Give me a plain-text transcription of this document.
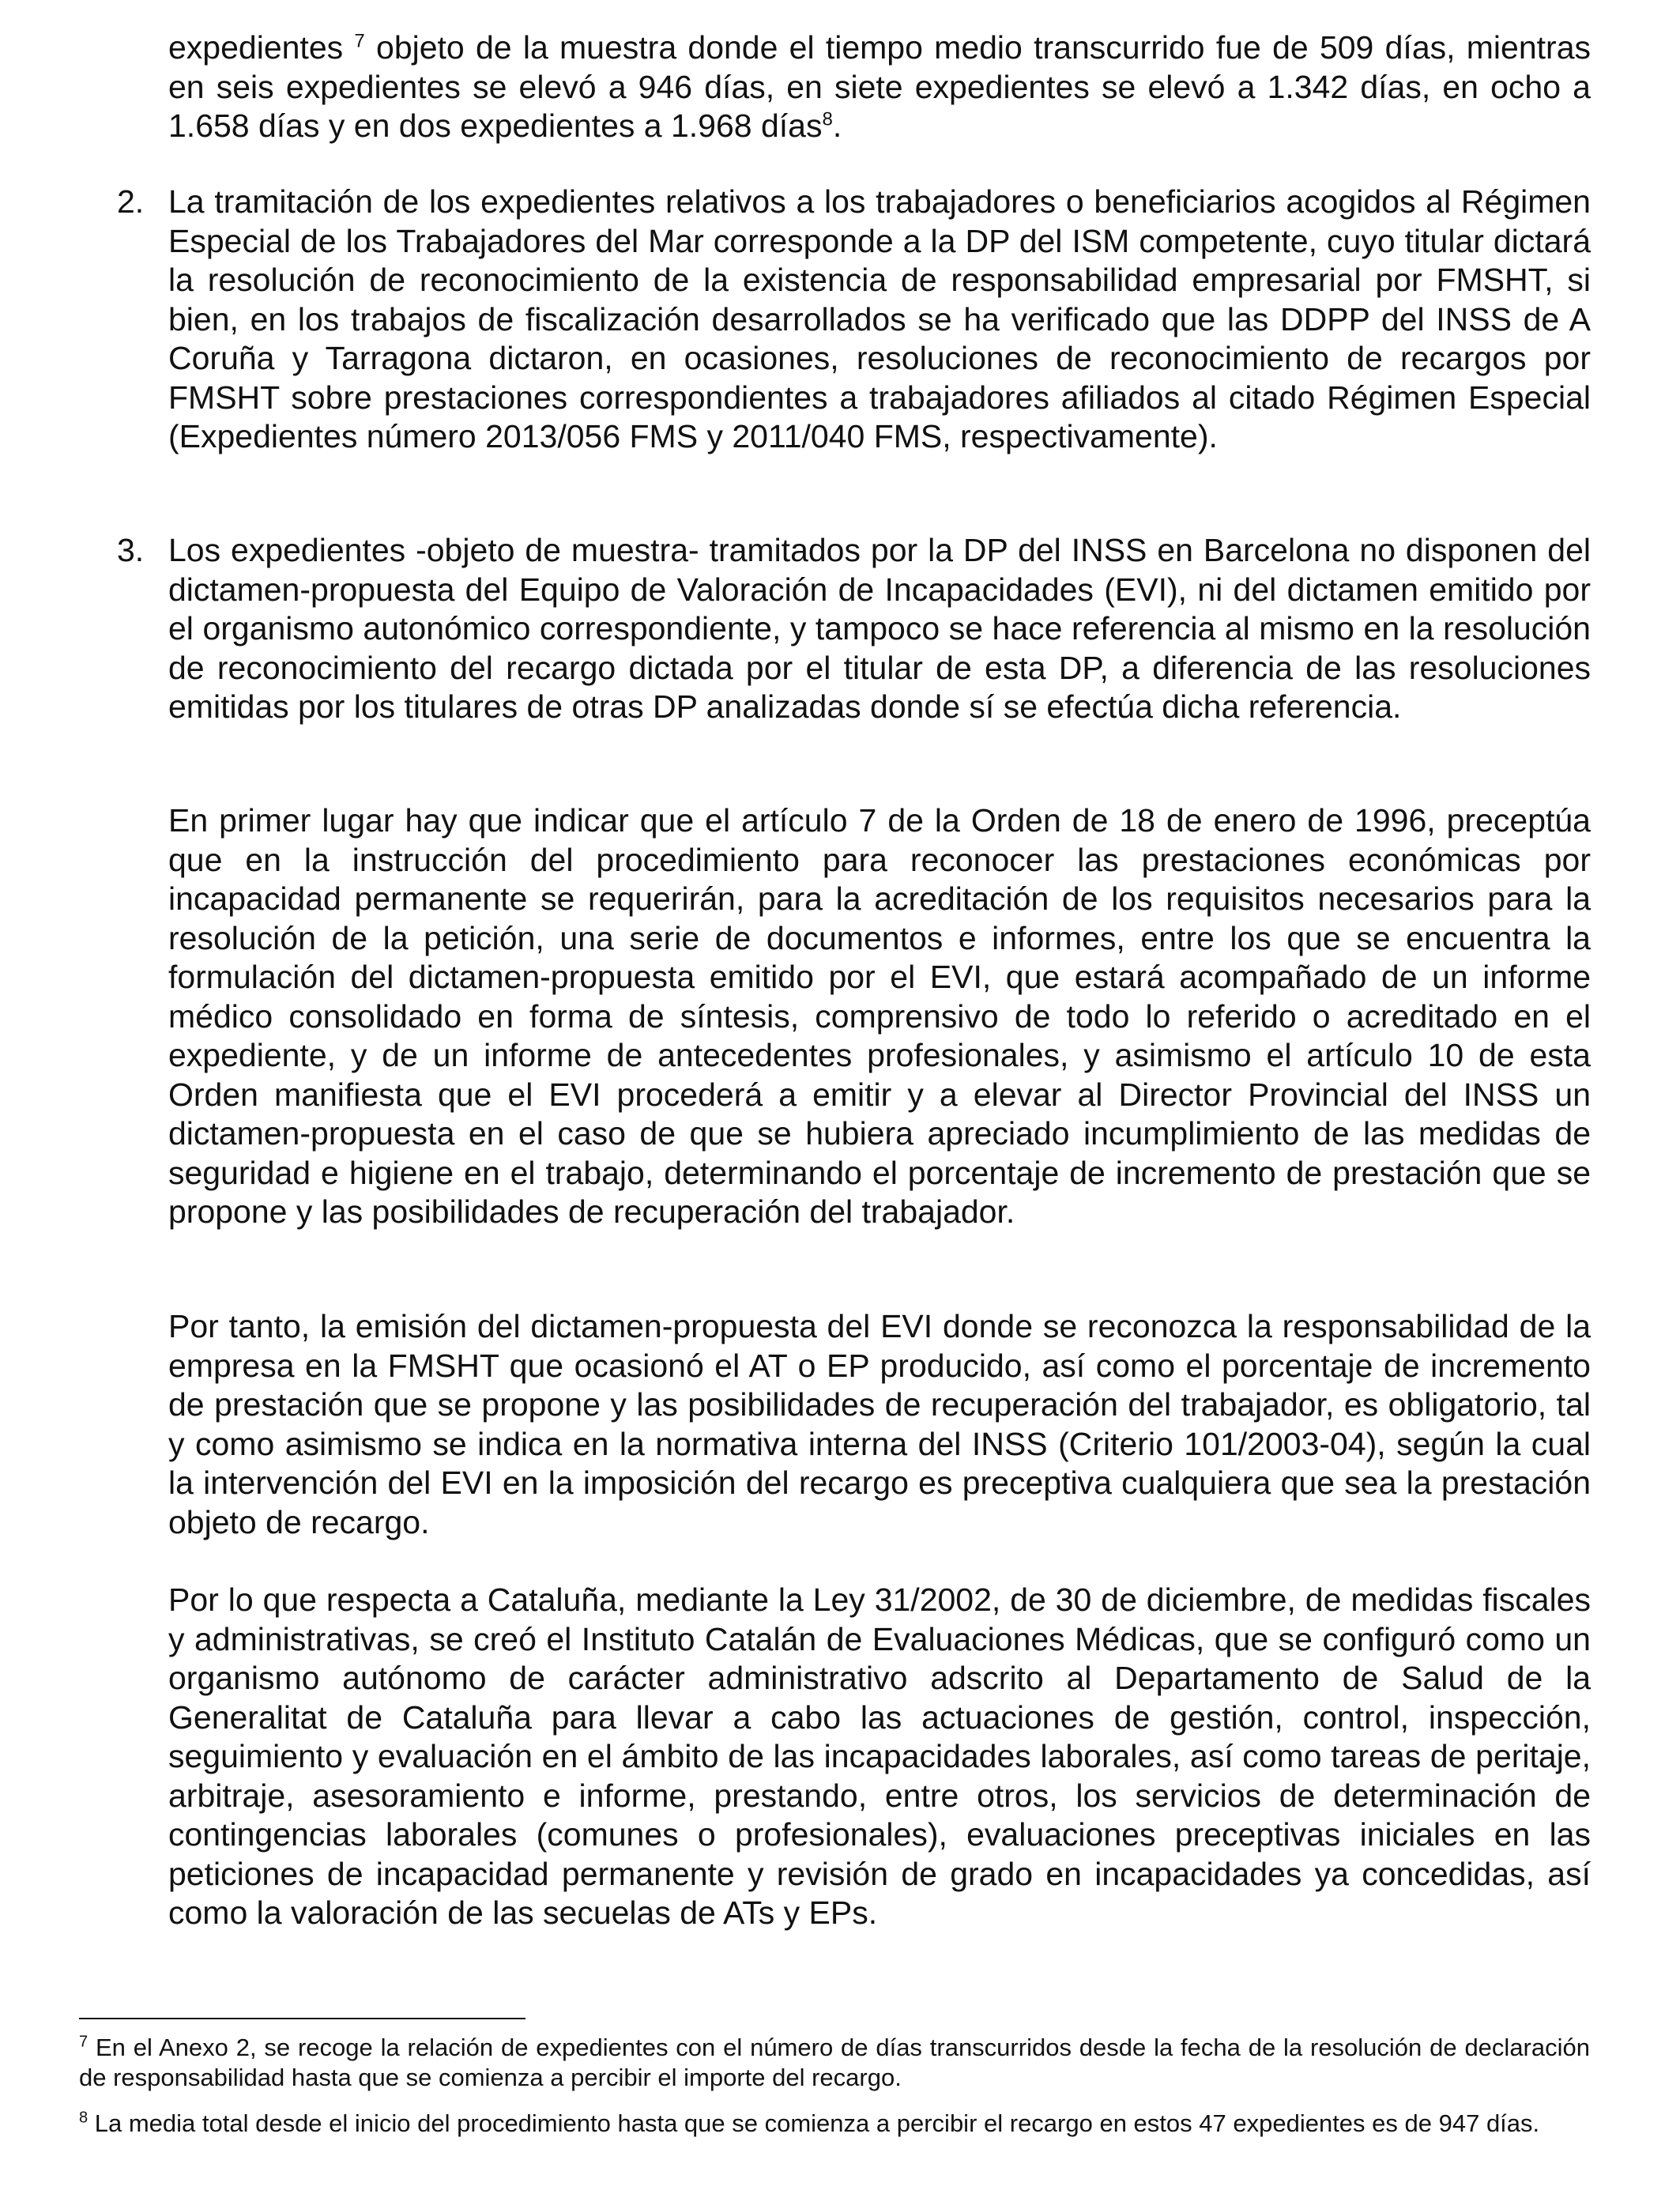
expedientes $^7$ objeto de la muestra donde el tiempo medio transcurrido fue de 509 días, mientras en seis expedientes se elevó a 946 días, en siete expedientes se elevó a 1.342 días, en ocho a 1.658 días y en dos expedientes a 1.968 días$^8$.

2. La tramitación de los expedientes relativos a los trabajadores o beneficiarios acogidos al Régimen Especial de los Trabajadores del Mar corresponde a la DP del ISM competente, cuyo titular dictará la resolución de reconocimiento de la existencia de responsabilidad empresarial por FMSHT, si bien, en los trabajos de fiscalización desarrollados se ha verificado que las DDPP del INSS de A Coruña y Tarragona dictaron, en ocasiones, resoluciones de reconocimiento de recargos por FMSHT sobre prestaciones correspondientes a trabajadores afiliados al citado Régimen Especial (Expedientes número 2013/056 FMS y 2011/040 FMS, respectivamente).

3. Los expedientes -objeto de muestra- tramitados por la DP del INSS en Barcelona no disponen del dictamen-propuesta del Equipo de Valoración de Incapacidades (EVI), ni del dictamen emitido por el organismo autonómico correspondiente, y tampoco se hace referencia al mismo en la resolución de reconocimiento del recargo dictada por el titular de esta DP, a diferencia de las resoluciones emitidas por los titulares de otras DP analizadas donde sí se efectúa dicha referencia.

En primer lugar hay que indicar que el artículo 7 de la Orden de 18 de enero de 1996, preceptúa que en la instrucción del procedimiento para reconocer las prestaciones económicas por incapacidad permanente se requerirán, para la acreditación de los requisitos necesarios para la resolución de la petición, una serie de documentos e informes, entre los que se encuentra la formulación del dictamen-propuesta emitido por el EVI, que estará acompañado de un informe médico consolidado en forma de síntesis, comprensivo de todo lo referido o acreditado en el expediente, y de un informe de antecedentes profesionales, y asimismo el artículo 10 de esta Orden manifiesta que el EVI procederá a emitir y a elevar al Director Provincial del INSS un dictamen-propuesta en el caso de que se hubiera apreciado incumplimiento de las medidas de seguridad e higiene en el trabajo, determinando el porcentaje de incremento de prestación que se propone y las posibilidades de recuperación del trabajador.

Por tanto, la emisión del dictamen-propuesta del EVI donde se reconozca la responsabilidad de la empresa en la FMSHT que ocasionó el AT o EP producido, así como el porcentaje de incremento de prestación que se propone y las posibilidades de recuperación del trabajador, es obligatorio, tal y como asimismo se indica en la normativa interna del INSS (Criterio 101/2003-04), según la cual la intervención del EVI en la imposición del recargo es preceptiva cualquiera que sea la prestación objeto de recargo.

Por lo que respecta a Cataluña, mediante la Ley 31/2002, de 30 de diciembre, de medidas fiscales y administrativas, se creó el Instituto Catalán de Evaluaciones Médicas, que se configuró como un organismo autónomo de carácter administrativo adscrito al Departamento de Salud de la Generalitat de Cataluña para llevar a cabo las actuaciones de gestión, control, inspección, seguimiento y evaluación en el ámbito de las incapacidades laborales, así como tareas de peritaje, arbitraje, asesoramiento e informe, prestando, entre otros, los servicios de determinación de contingencias laborales (comunes o profesionales), evaluaciones preceptivas iniciales en las peticiones de incapacidad permanente y revisión de grado en incapacidades ya concedidas, así como la valoración de las secuelas de ATs y EPs.

$^7$ En el Anexo 2, se recoge la relación de expedientes con el número de días transcurridos desde la fecha de la resolución de declaración de responsabilidad hasta que se comienza a percibir el importe del recargo.

$^8$ La media total desde el inicio del procedimiento hasta que se comienza a percibir el recargo en estos 47 expedientes es de 947 días.
